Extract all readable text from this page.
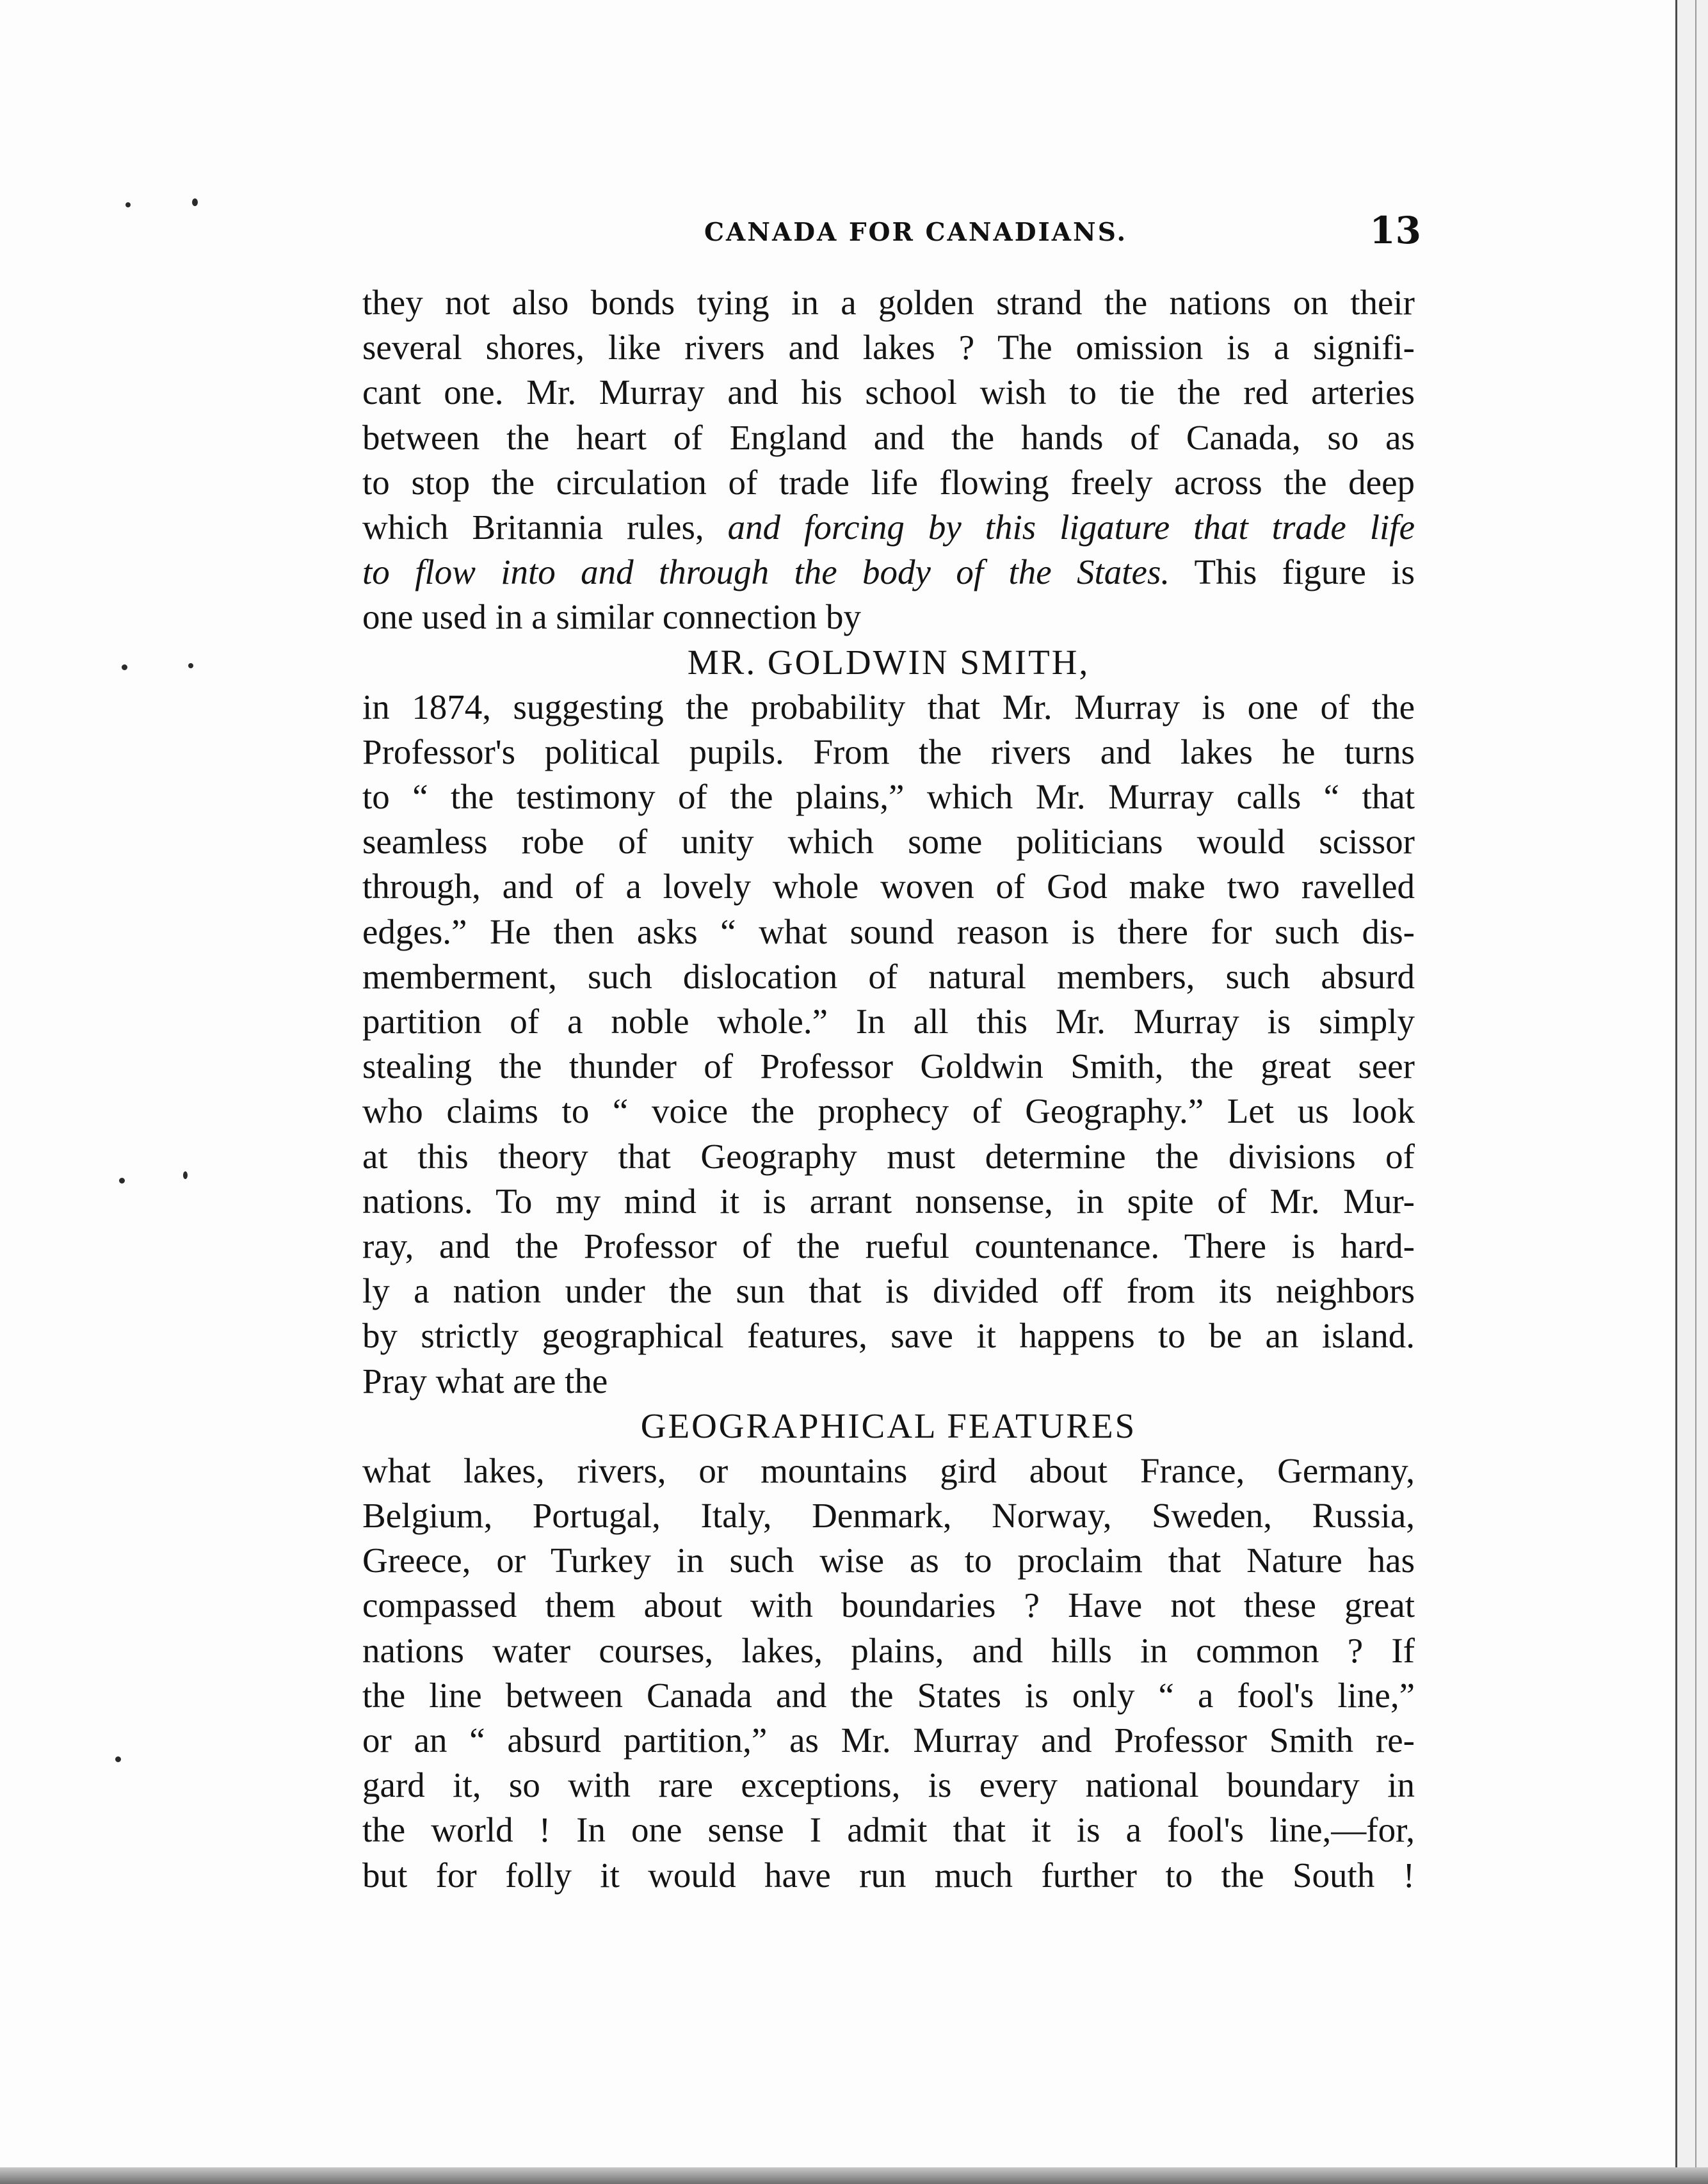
CANADA FOR CANADIANS.	13
they not also bonds tying in a golden strand the nations on their
several shores, like rivers and lakes ? The omission is a signifi-
cant one. Mr. Murray and his school wish to tie the red arteries
between the heart of England and the hands of Canada, so as
to stop the circulation of trade life flowing freely across the deep
which Britannia rules, and forcing by this ligature that trade life
to flow into and through the body of the States. This figure is
one used in a similar connection by
MR. GOLDWIN SMITH,
in 1874, suggesting the probability that Mr. Murray is one of the
Professor's political pupils. From the rivers and lakes he turns
to “ the testimony of the plains,” which Mr. Murray calls “ that
seamless robe of unity which some politicians would scissor
through, and of a lovely whole woven of God make two ravelled
edges.” He then asks “ what sound reason is there for such dis-
memberment, such dislocation of natural members, such absurd
partition of a noble whole.” In all this Mr. Murray is simply
stealing the thunder of Professor Goldwin Smith, the great seer
who claims to “ voice the prophecy of Geography.” Let us look
at this theory that Geography must determine the divisions of
nations. To my mind it is arrant nonsense, in spite of Mr. Mur-
ray, and the Professor of the rueful countenance. There is hard-
ly a nation under the sun that is divided off from its neighbors
by strictly geographical features, save it happens to be an island.
Pray what are the
GEOGRAPHICAL FEATURES
what lakes, rivers, or mountains gird about France, Germany,
Belgium, Portugal, Italy, Denmark, Norway, Sweden, Russia,
Greece, or Turkey in such wise as to proclaim that Nature has
compassed them about with boundaries ? Have not these great
nations water courses, lakes, plains, and hills in common ? If
the line between Canada and the States is only “ a fool's line,”
or an “ absurd partition,” as Mr. Murray and Professor Smith re-
gard it, so with rare exceptions, is every national boundary in
the world ! In one sense I admit that it is a fool's line,—for,
but for folly it would have run much further to the South !
